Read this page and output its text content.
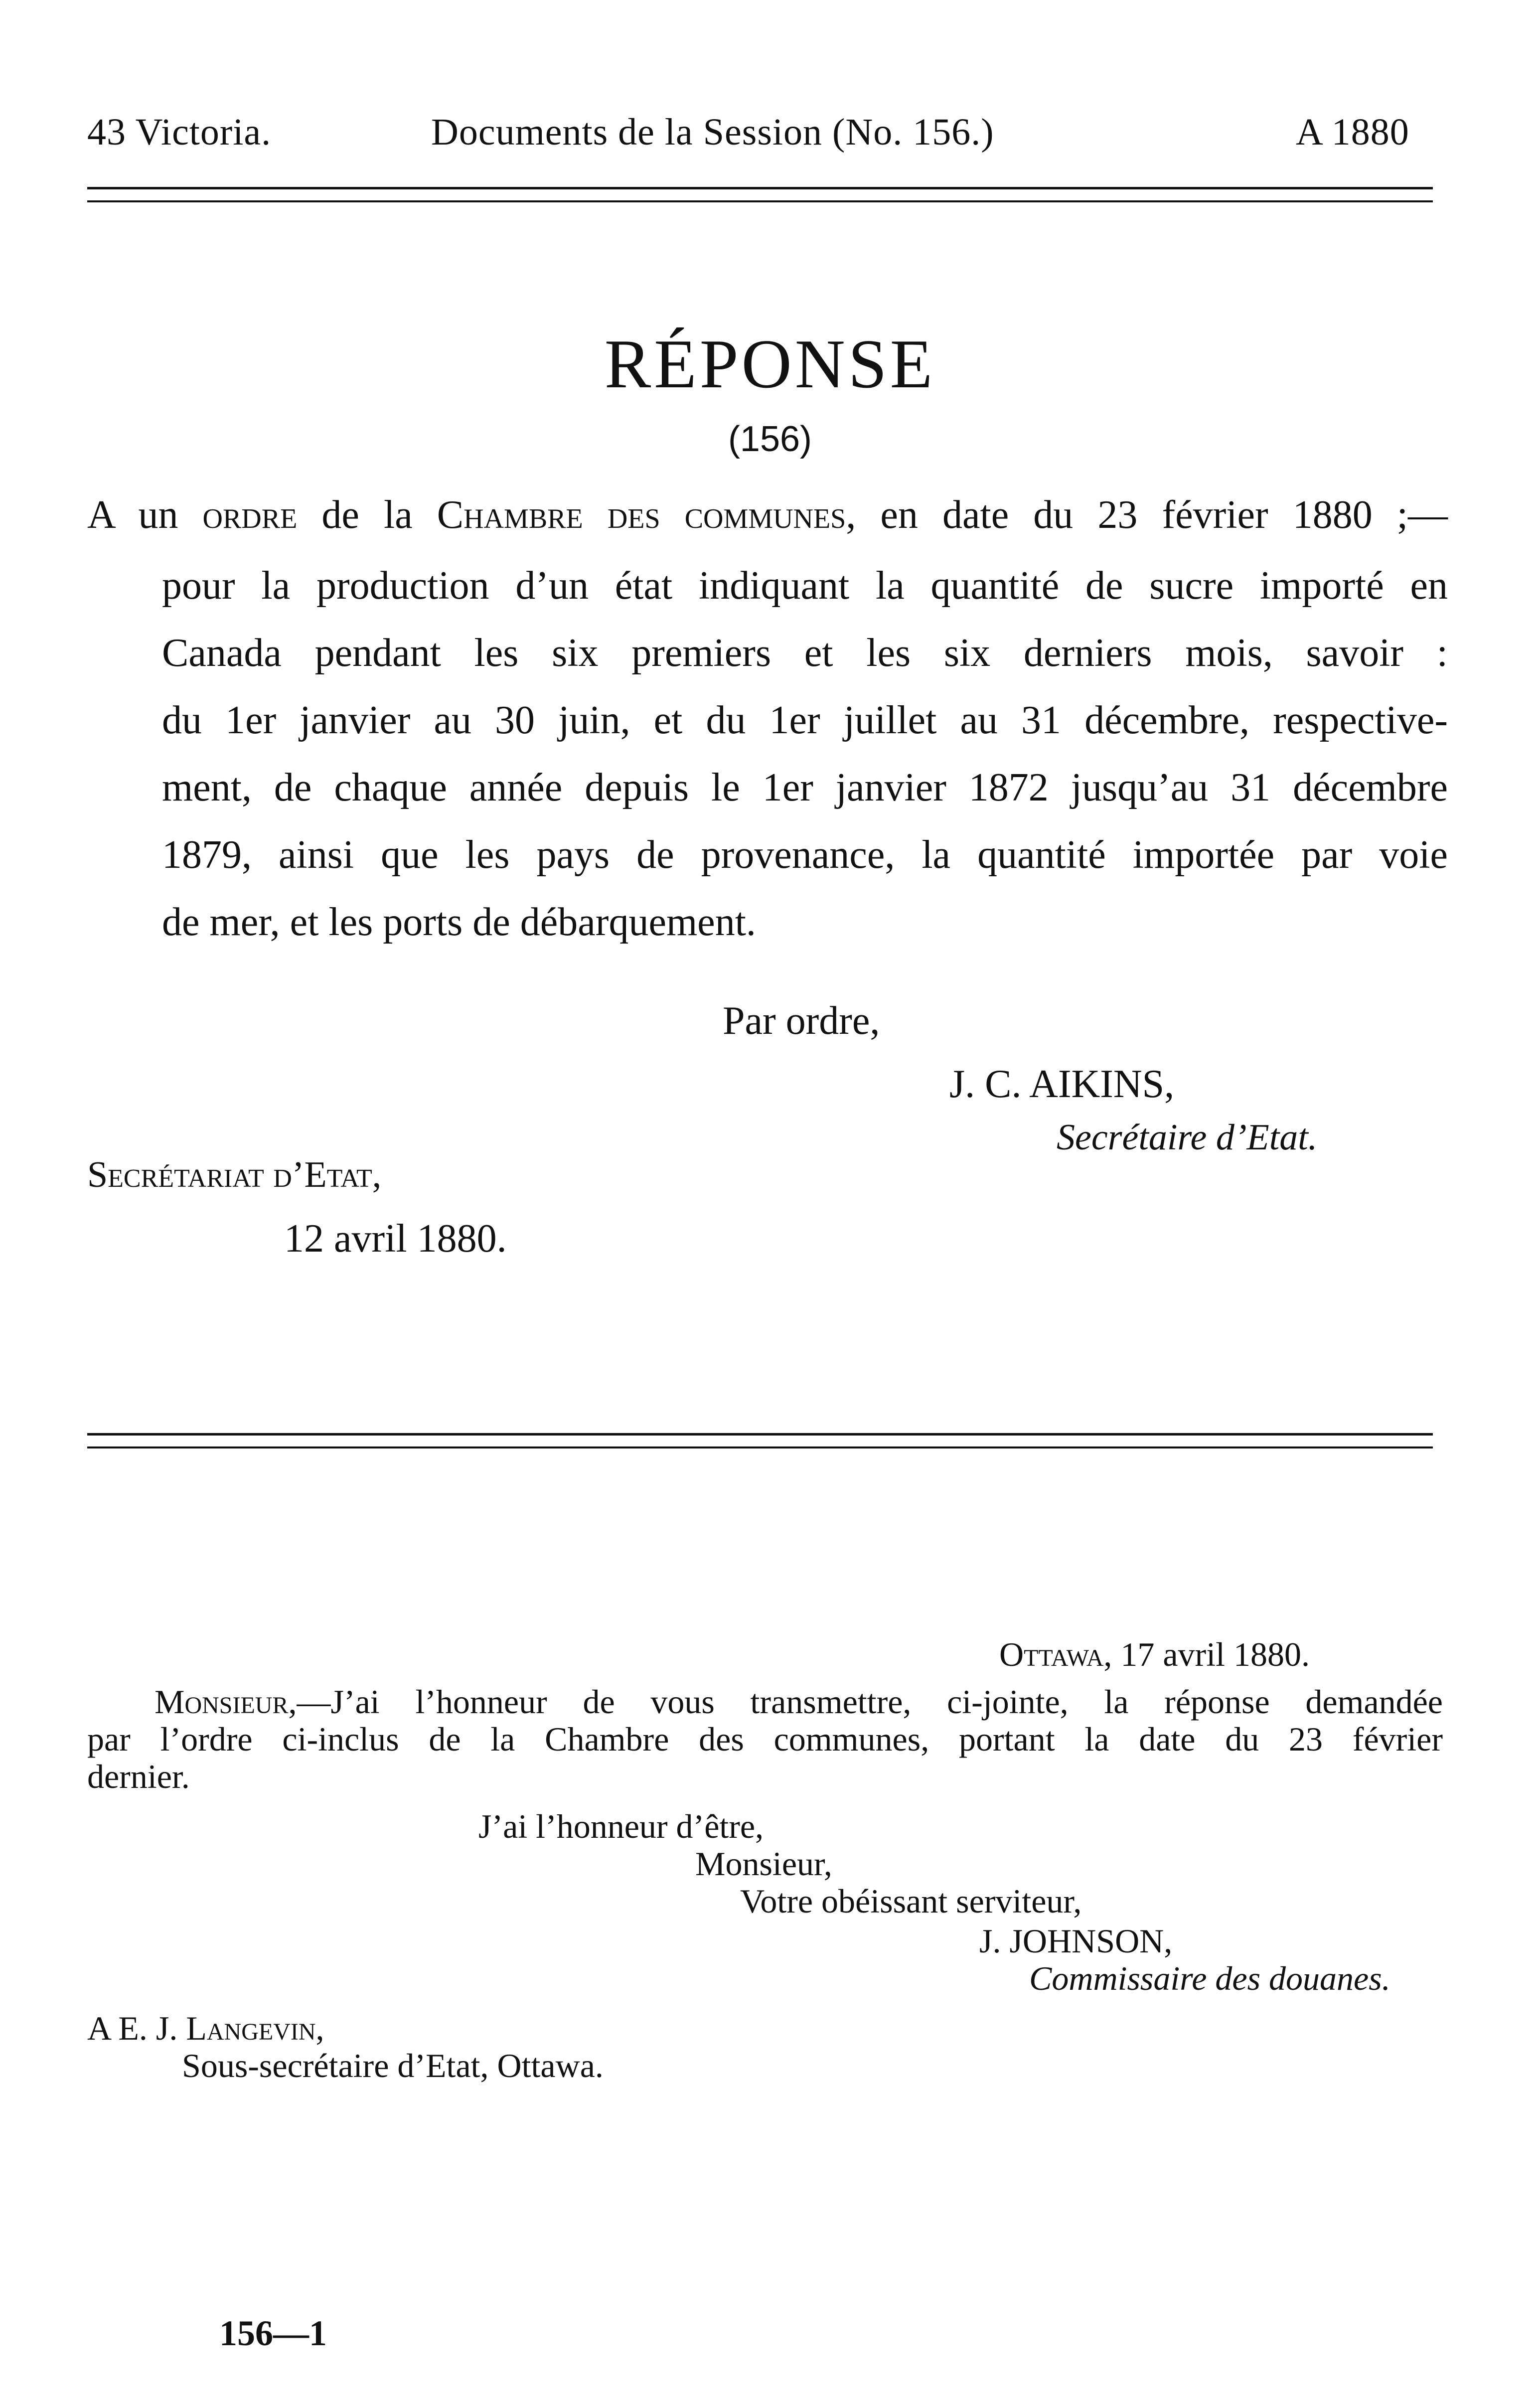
43 Victoria.	Documents de la Session (No. 156.)	A 1880
RÉPONSE
(156)
A un ordre de la Chambre des communes, en date du 23 février 1880 ;—
pour la production d’un état indiquant la quantité de sucre importé en
Canada pendant les six premiers et les six derniers mois, savoir :
du 1er janvier au 30 juin, et du 1er juillet au 31 décembre, respective-
ment, de chaque année depuis le 1er janvier 1872 jusqu’au 31 décembre
1879, ainsi que les pays de provenance, la quantité importée par voie
de mer, et les ports de débarquement.
Par ordre,
J. C. AIKINS,
Secrétaire d’Etat.
Secrétariat d’Etat,
12 avril 1880.
Ottawa, 17 avril 1880.
Monsieur,—J’ai l’honneur de vous transmettre, ci-jointe, la réponse demandée
par l’ordre ci-inclus de la Chambre des communes, portant la date du 23 février
dernier.
J’ai l’honneur d’être,
Monsieur,
Votre obéissant serviteur,
J. JOHNSON,
Commissaire des douanes.
A E. J. Langevin,
Sous-secrétaire d’Etat, Ottawa.
156—1
